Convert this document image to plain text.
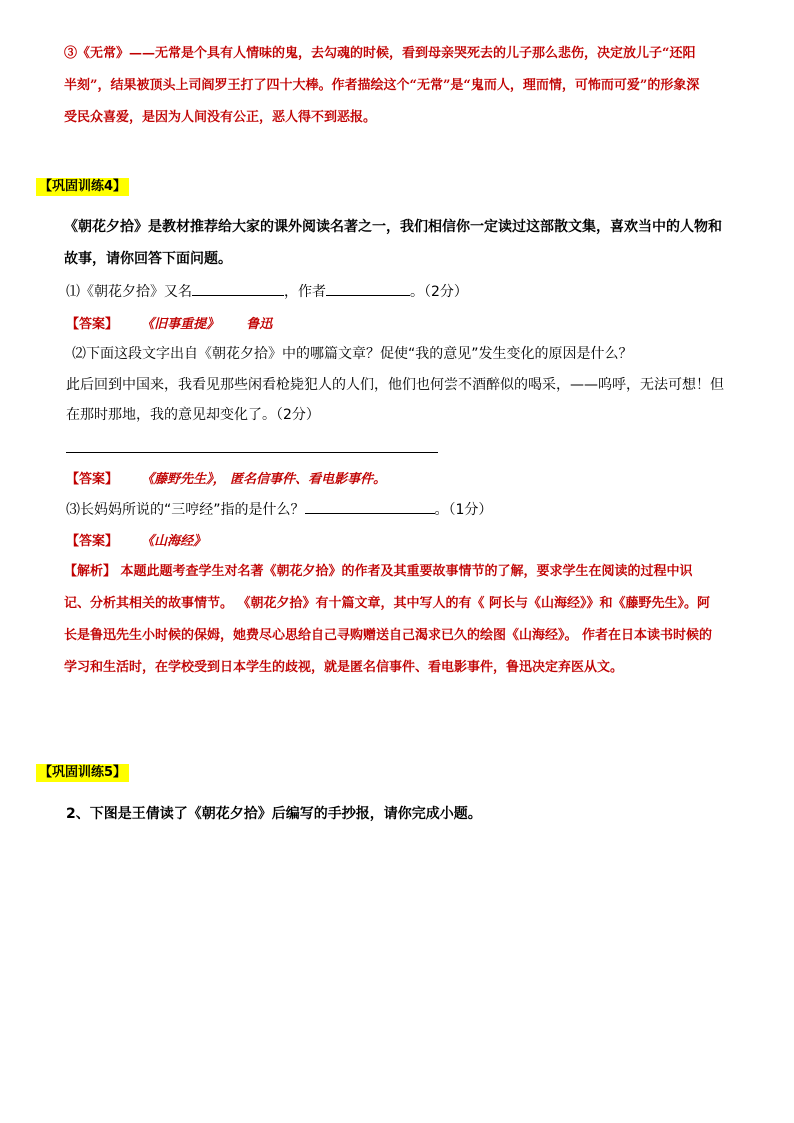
③《无常》——无常是个具有人情味的鬼，去勾魂的时候，看到母亲哭死去的儿子那么悲伤，决定放儿子“还阳
半刻”，结果被顶头上司阎罗王打了四十大棒。作者描绘这个“无常”是“鬼而人，理而情，可怖而可爱”的形象深
受民众喜爱，是因为人间没有公正，恶人得不到恶报。
【巩固训练4】
《朝花夕拾》是教材推荐给大家的课外阅读名著之一，我们相信你一定读过这部散文集，喜欢当中的人物和
故事，请你回答下面问题。
⑴《朝花夕拾》又名	，作者	。（2分）
【答案】 《旧事重提》 鲁迅
⑵下面这段文字出自《朝花夕拾》中的哪篇文章？促使“我的意见”发生变化的原因是什么？
此后回到中国来，我看见那些闲看枪毙犯人的人们，他们也何尝不酒醉似的喝采，——呜呼，无法可想！但
在那时那地，我的意见却变化了。（2分）
【答案】 《藤野先生》， 匿名信事件、看电影事件。
⑶长妈妈所说的“三哼经”指的是什么？	。（1分）
【答案】 《山海经》
【解析】 本题此题考查学生对名著《朝花夕拾》的作者及其重要故事情节的了解，要求学生在阅读的过程中识
记、分析其相关的故事情节。 《朝花夕拾》有十篇文章，其中写人的有《 阿长与《山海经》》和《藤野先生》。阿
长是鲁迅先生小时候的保姆，她费尽心思给自己寻购赠送自己渴求已久的绘图《山海经》。 作者在日本读书时候的
学习和生活时，在学校受到日本学生的歧视，就是匿名信事件、看电影事件，鲁迅决定弃医从文。
【巩固训练5】
2、下图是王倩读了《朝花夕拾》后编写的手抄报，请你完成小题。
